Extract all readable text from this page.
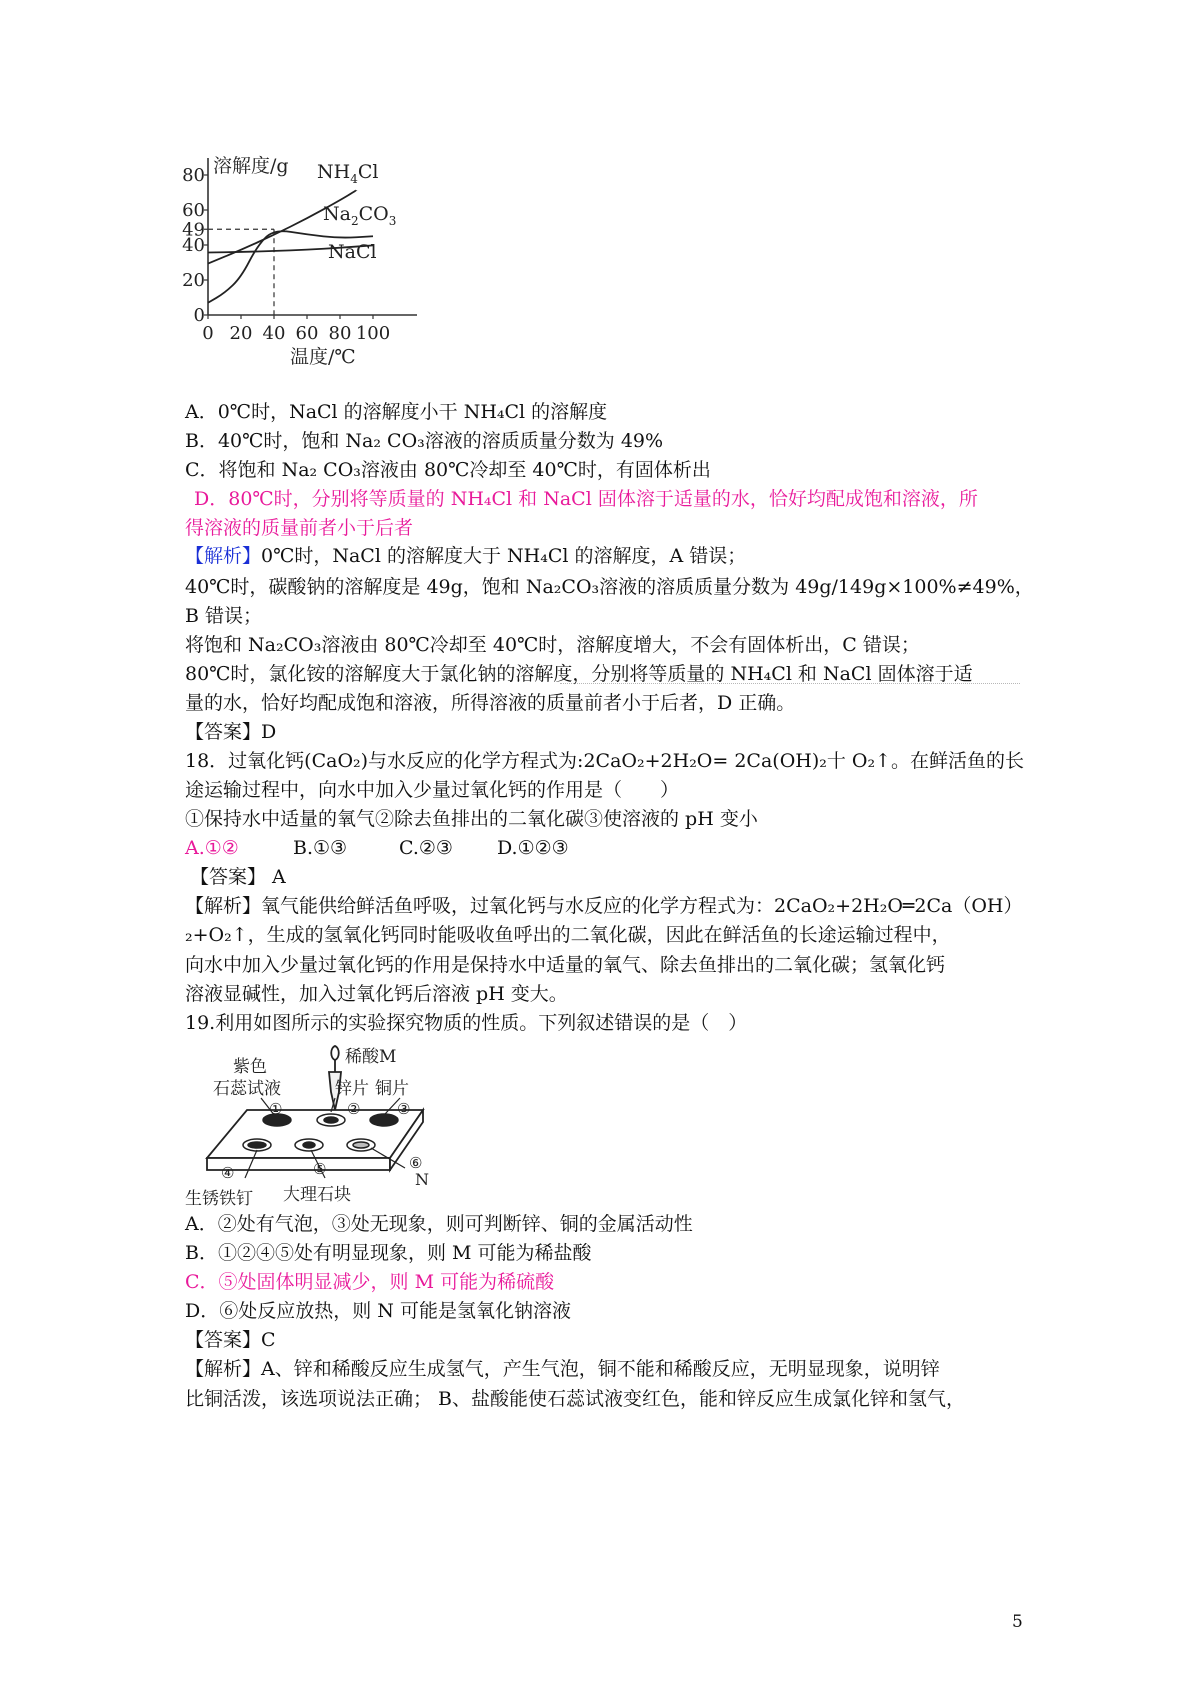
0
20
40
49
60
80
0 20 40 60 80 100
溶解度/g
温度/℃
$NH_4Cl$
$Na_2CO_3$
NaCl
A．0℃时，NaCl 的溶解度小干 NH₄Cl 的溶解度
B．40℃时，饱和 Na₂ CO₃溶液的溶质质量分数为 49%
C．将饱和 Na₂ CO₃溶液由 80℃冷却至 40℃时，有固体析出
D．80℃时，分别将等质量的 NH₄Cl 和 NaCl 固体溶于适量的水，恰好均配成饱和溶液，所
得溶液的质量前者小于后者
【解析】0℃时，NaCl 的溶解度大于 NH₄Cl 的溶解度，A 错误；
40℃时，碳酸钠的溶解度是 49g，饱和 Na₂CO₃溶液的溶质质量分数为 49g/149g×100%≠49%，
B 错误；
将饱和 Na₂CO₃溶液由 80℃冷却至 40℃时，溶解度增大，不会有固体析出，C 错误；
80℃时，氯化铵的溶解度大于氯化钠的溶解度，分别将等质量的 NH₄Cl 和 NaCl 固体溶于适
量的水，恰好均配成饱和溶液，所得溶液的质量前者小于后者，D 正确。
【答案】D
18．过氧化钙(CaO₂)与水反应的化学方程式为:2CaO₂+2H₂O= 2Ca(OH)₂十 O₂↑。在鲜活鱼的长
途运输过程中，向水中加入少量过氧化钙的作用是（　　）
①保持水中适量的氧气②除去鱼排出的二氧化碳③使溶液的 pH 变小
A.①②	B.①③	C.②③ D.①②③
【答案】 A
【解析】氧气能供给鲜活鱼呼吸，过氧化钙与水反应的化学方程式为：2CaO₂+2H₂O═2Ca（OH）
₂+O₂↑，生成的氢氧化钙同时能吸收鱼呼出的二氧化碳，因此在鲜活鱼的长途运输过程中，
向水中加入少量过氧化钙的作用是保持水中适量的氧气、除去鱼排出的二氧化碳；氢氧化钙
溶液显碱性，加入过氧化钙后溶液 pH 变大。
19.利用如图所示的实验探究物质的性质。下列叙述错误的是（　）
稀酸M
紫色
石蕊试液	锌片 铜片
①	② ③
④	⑤	⑥
N
生锈铁钉 大理石块
A．②处有气泡，③处无现象，则可判断锌、铜的金属活动性
B．①②④⑤处有明显现象，则 M 可能为稀盐酸
C．⑤处固体明显减少，则 M 可能为稀硫酸
D．⑥处反应放热，则 N 可能是氢氧化钠溶液
【答案】C
【解析】A、锌和稀酸反应生成氢气，产生气泡，铜不能和稀酸反应，无明显现象，说明锌
比铜活泼，该选项说法正确； B、盐酸能使石蕊试液变红色，能和锌反应生成氯化锌和氢气，
5
